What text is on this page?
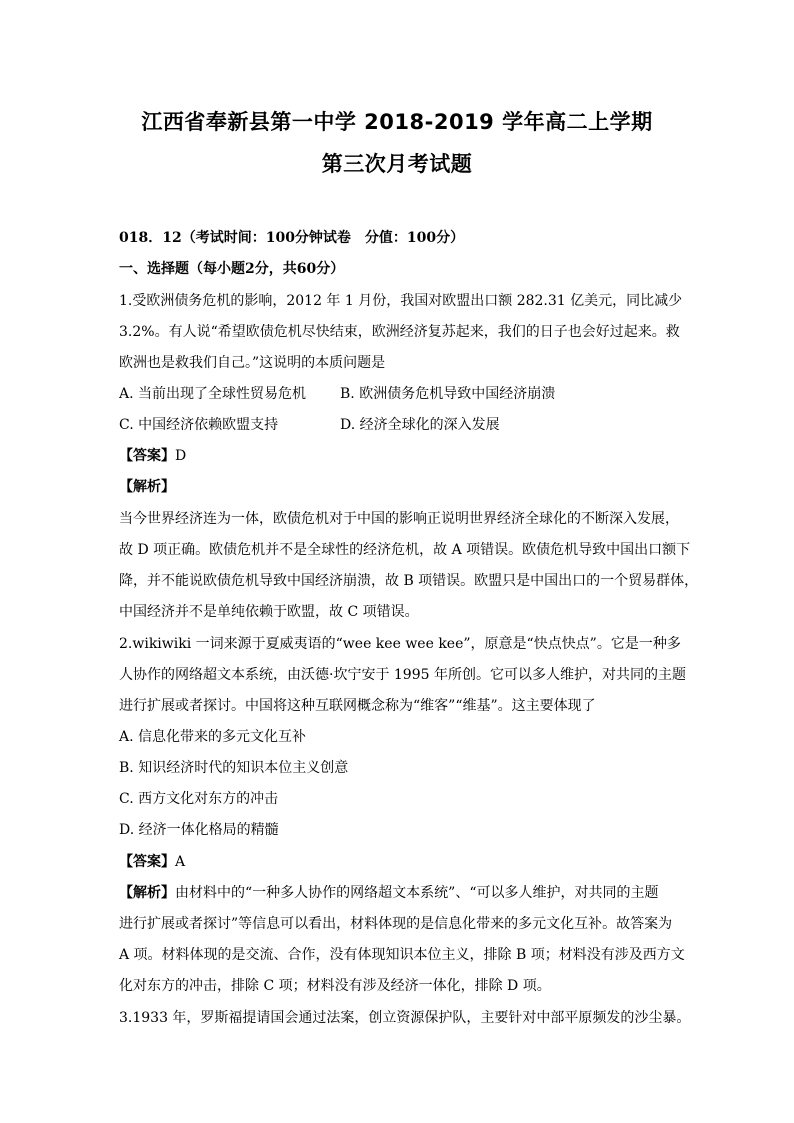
江西省奉新县第一中学 2018-2019 学年高二上学期
第三次月考试题
018．12（考试时间：100分钟试卷　分值：100分）
一、选择题（每小题2分，共60分）
1.受欧洲债务危机的影响，2012 年 1 月份，我国对欧盟出口额 282.31 亿美元，同比减少
3.2%。有人说“希望欧债危机尽快结束，欧洲经济复苏起来，我们的日子也会好过起来。救
欧洲也是救我们自己。”这说明的本质问题是
A. 当前出现了全球性贸易危机 B. 欧洲债务危机导致中国经济崩溃
C. 中国经济依赖欧盟支持	D. 经济全球化的深入发展
【答案】D
【解析】
当今世界经济连为一体，欧债危机对于中国的影响正说明世界经济全球化的不断深入发展，
故 D 项正确。欧债危机并不是全球性的经济危机，故 A 项错误。欧债危机导致中国出口额下
降，并不能说欧债危机导致中国经济崩溃，故 B 项错误。欧盟只是中国出口的一个贸易群体，
中国经济并不是单纯依赖于欧盟，故 C 项错误。
2.wikiwiki 一词来源于夏威夷语的“wee kee wee kee”，原意是“快点快点”。它是一种多
人协作的网络超文本系统，由沃德·坎宁安于 1995 年所创。它可以多人维护，对共同的主题
进行扩展或者探讨。中国将这种互联网概念称为“维客”“维基”。这主要体现了
A. 信息化带来的多元文化互补
B. 知识经济时代的知识本位主义创意
C. 西方文化对东方的冲击
D. 经济一体化格局的精髓
【答案】A
【解析】由材料中的“一种多人协作的网络超文本系统”、“可以多人维护，对共同的主题
进行扩展或者探讨”等信息可以看出，材料体现的是信息化带来的多元文化互补。故答案为
A 项。材料体现的是交流、合作，没有体现知识本位主义，排除 B 项；材料没有涉及西方文
化对东方的冲击，排除 C 项；材料没有涉及经济一体化，排除 D 项。
3.1933 年，罗斯福提请国会通过法案，创立资源保护队，主要针对中部平原频发的沙尘暴。
